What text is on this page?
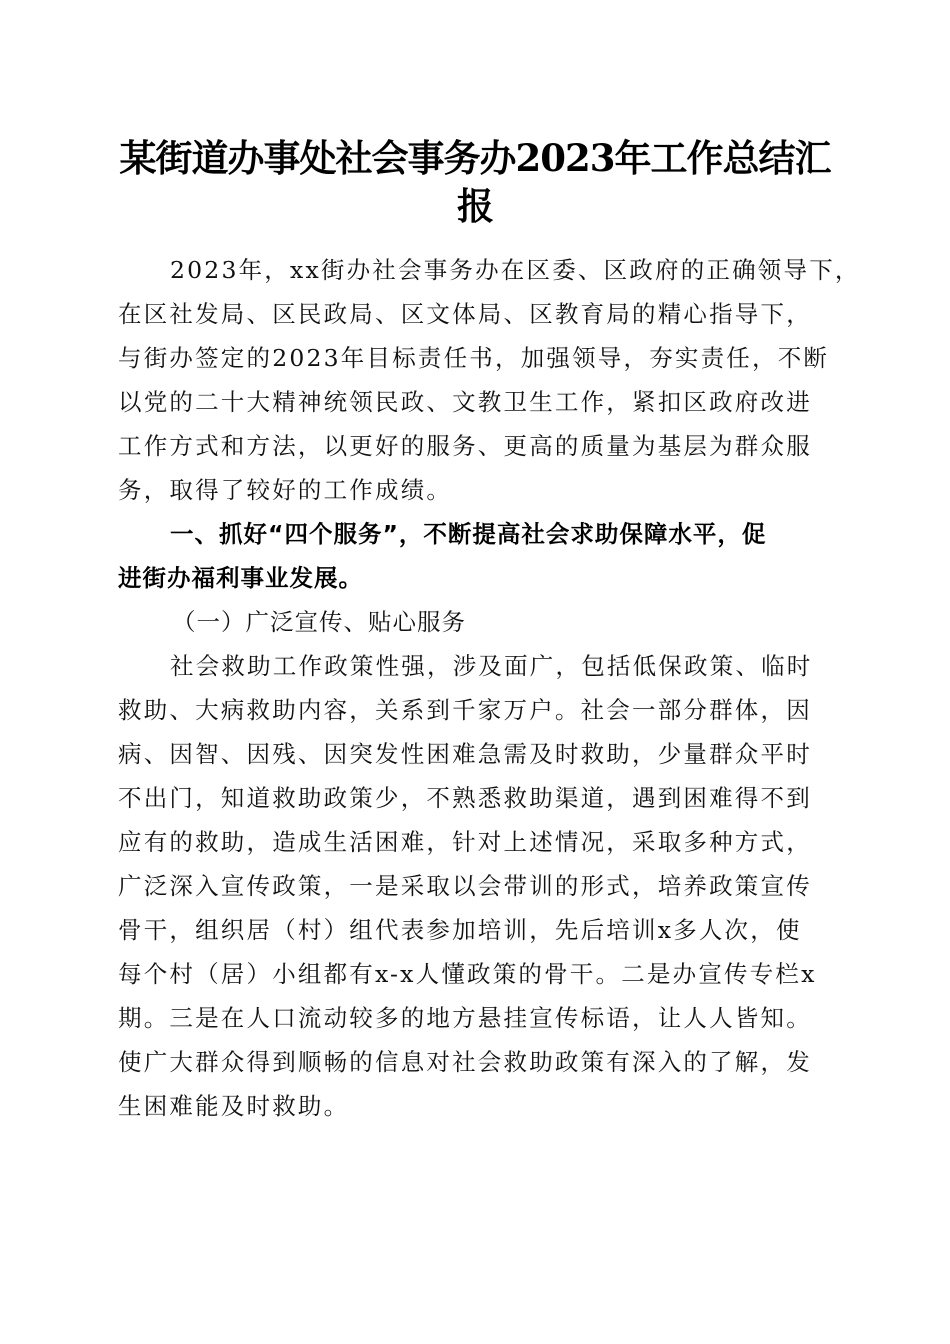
某街道办事处社会事务办2023年工作总结汇
报
2023年，xx街办社会事务办在区委、区政府的正确领导下，
在区社发局、区民政局、区文体局、区教育局的精心指导下，
与街办签定的2023年目标责任书，加强领导，夯实责任，不断
以党的二十大精神统领民政、文教卫生工作，紧扣区政府改进
工作方式和方法，以更好的服务、更高的质量为基层为群众服
务，取得了较好的工作成绩。
一、抓好“四个服务”，不断提高社会求助保障水平，促
进街办福利事业发展。
（一）广泛宣传、贴心服务
社会救助工作政策性强，涉及面广，包括低保政策、临时
救助、大病救助内容，关系到千家万户。社会一部分群体，因
病、因智、因残、因突发性困难急需及时救助，少量群众平时
不出门，知道救助政策少，不熟悉救助渠道，遇到困难得不到
应有的救助，造成生活困难，针对上述情况，采取多种方式，
广泛深入宣传政策，一是采取以会带训的形式，培养政策宣传
骨干，组织居（村）组代表参加培训，先后培训x多人次，使
每个村（居）小组都有x-x人懂政策的骨干。二是办宣传专栏x
期。三是在人口流动较多的地方悬挂宣传标语，让人人皆知。
使广大群众得到顺畅的信息对社会救助政策有深入的了解，发
生困难能及时救助。
